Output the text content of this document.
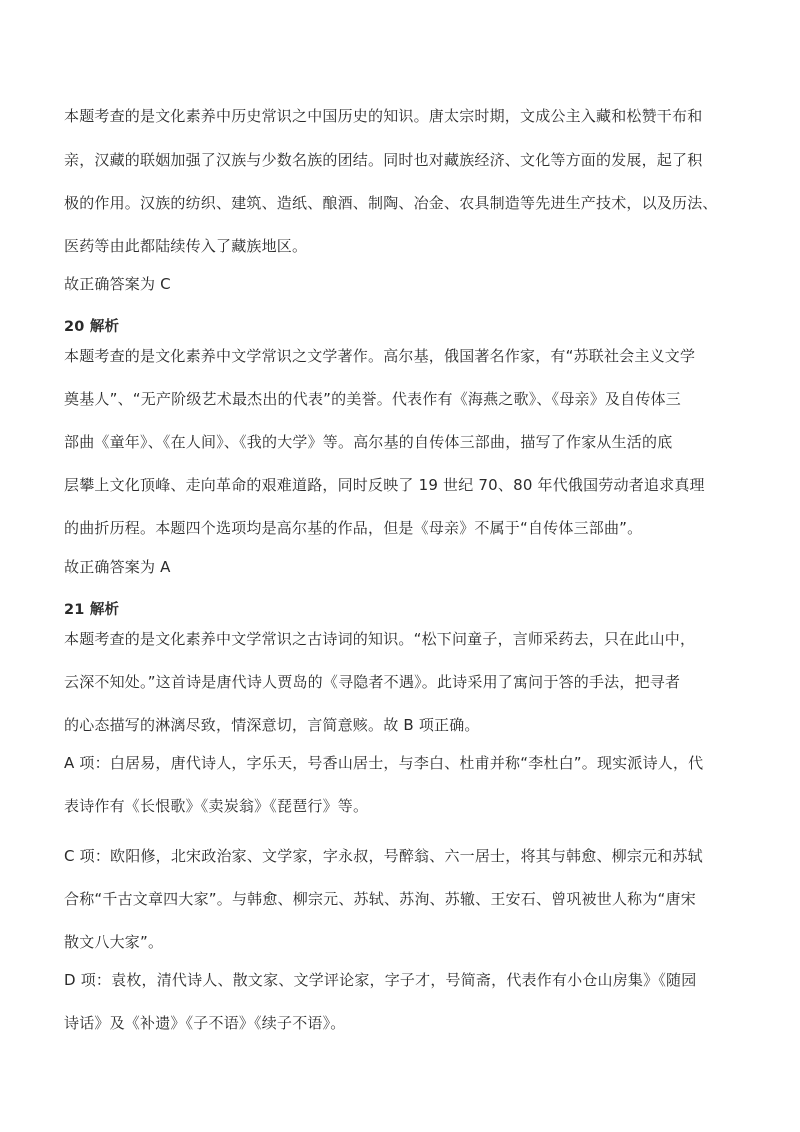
本题考查的是文化素养中历史常识之中国历史的知识。唐太宗时期，文成公主入藏和松赞干布和
亲，汉藏的联姻加强了汉族与少数名族的团结。同时也对藏族经济、文化等方面的发展，起了积
极的作用。汉族的纺织、建筑、造纸、酿酒、制陶、冶金、农具制造等先进生产技术，以及历法、
医药等由此都陆续传入了藏族地区。
故正确答案为 C
20 解析
本题考查的是文化素养中文学常识之文学著作。高尔基，俄国著名作家，有“苏联社会主义文学
奠基人”、“无产阶级艺术最杰出的代表”的美誉。代表作有《海燕之歌》、《母亲》及自传体三
部曲《童年》、《在人间》、《我的大学》等。高尔基的自传体三部曲，描写了作家从生活的底
层攀上文化顶峰、走向革命的艰难道路，同时反映了 19 世纪 70、80 年代俄国劳动者追求真理
的曲折历程。本题四个选项均是高尔基的作品，但是《母亲》不属于“自传体三部曲”。
故正确答案为 A
21 解析
本题考查的是文化素养中文学常识之古诗词的知识。“松下问童子，言师采药去，只在此山中，
云深不知处。”这首诗是唐代诗人贾岛的《寻隐者不遇》。此诗采用了寓问于答的手法，把寻者
的心态描写的淋漓尽致，情深意切，言简意赅。故 B 项正确。
A 项：白居易，唐代诗人，字乐天，号香山居士，与李白、杜甫并称“李杜白”。现实派诗人，代
表诗作有《长恨歌》《卖炭翁》《琵琶行》等。
C 项：欧阳修，北宋政治家、文学家，字永叔，号醉翁、六一居士，将其与韩愈、柳宗元和苏轼
合称“千古文章四大家”。与韩愈、柳宗元、苏轼、苏洵、苏辙、王安石、曾巩被世人称为“唐宋
散文八大家”。
D 项：袁枚，清代诗人、散文家、文学评论家，字子才，号简斋，代表作有小仓山房集》《随园
诗话》及《补遗》《子不语》《续子不语》。
